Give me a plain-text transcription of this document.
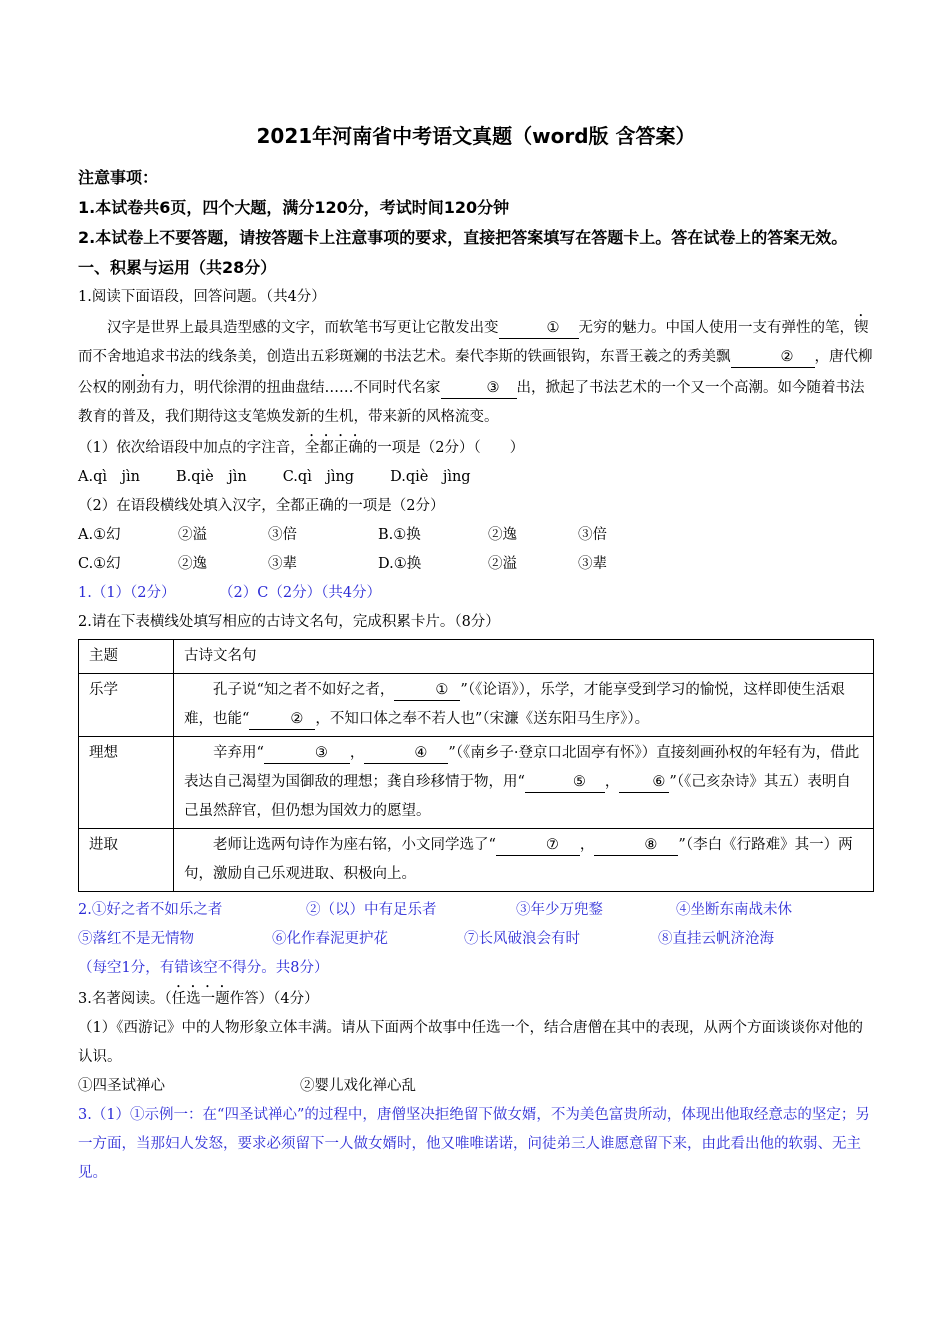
2021年河南省中考语文真题（word版 含答案）
注意事项：
1.本试卷共6页，四个大题，满分120分，考试时间120分钟
2.本试卷上不要答题，请按答题卡上注意事项的要求，直接把答案填写在答题卡上。答在试卷上的答案无效。
一、积累与运用（共28分）

1.阅读下面语段，回答问题。（共4分）

汉字是世界上最具造型感的文字，而软笔书写更让它散发出变	① 无穷的魅力。中国人使用一支有弹性的笔，锲而不舍地追求书法的线条美，创造出五彩斑斓的书法艺术。秦代李斯的铁画银钩，东晋王羲之的秀美飘	② ，唐代柳公权的刚劲有力，明代徐渭的扭曲盘结……不同时代名家	③ 出，掀起了书法艺术的一个又一个高潮。如今随着书法教育的普及，我们期待这支笔焕发新的生机，带来新的风格流变。

（1）依次给语段中加点的字注音，全都正确的一项是（2分）（　　）

A.qì　jìn B.qiè　jìn C.qì　jìng D.qiè　jìng

（2）在语段横线处填入汉字，全都正确的一项是（2分）

A.①幻	②溢	③倍	B.①换	②逸	③倍
C.①幻	②逸	③辈	D.①换	②溢	③辈

1.（1）（2分）　　　　（2）C（2分）（共4分）

2.请在下表横线处填写相应的古诗文名句，完成积累卡片。（8分）

主题	古诗文名句
乐学	孔子说“知之者不如好之者， ① ”（《论语》），乐学，才能享受到学习的愉悦，这样即使生活艰难，也能“ ② ，不知口体之奉不若人也”（宋濂《送东阳马生序》）。
理想	辛弃用“ ③ ， ④ ”（《南乡子·登京口北固亭有怀》）直接刻画孙权的年轻有为，借此表达自己渴望为国御敌的理想；龚自珍移情于物，用“ ⑤ ， ⑥ ”（《己亥杂诗》其五）表明自己虽然辞官，但仍想为国效力的愿望。
进取	老师让选两句诗作为座右铭，小文同学选了“ ⑦ ， ⑧ ”（李白《行路难》其一）两句，激励自己乐观进取、积极向上。
2.①好之者不如乐之者	②（以）中有足乐者	③年少万兜鍪	④坐断东南战未休
⑤落红不是无情物	⑥化作春泥更护花	⑦长风破浪会有时	⑧直挂云帆济沧海

（每空1分，有错该空不得分。共8分）

3.名著阅读。（任选一题作答）（4分）

（1）《西游记》中的人物形象立体丰满。请从下面两个故事中任选一个，结合唐僧在其中的表现，从两个方面谈谈你对他的认识。

①四圣试禅心	②婴儿戏化禅心乱

3.（1）①示例一：在“四圣试禅心”的过程中，唐僧坚决拒绝留下做女婿，不为美色富贵所动，体现出他取经意志的坚定；另一方面，当那妇人发怒，要求必须留下一人做女婿时，他又唯唯诺诺，问徒弟三人谁愿意留下来，由此看出他的软弱、无主见。
